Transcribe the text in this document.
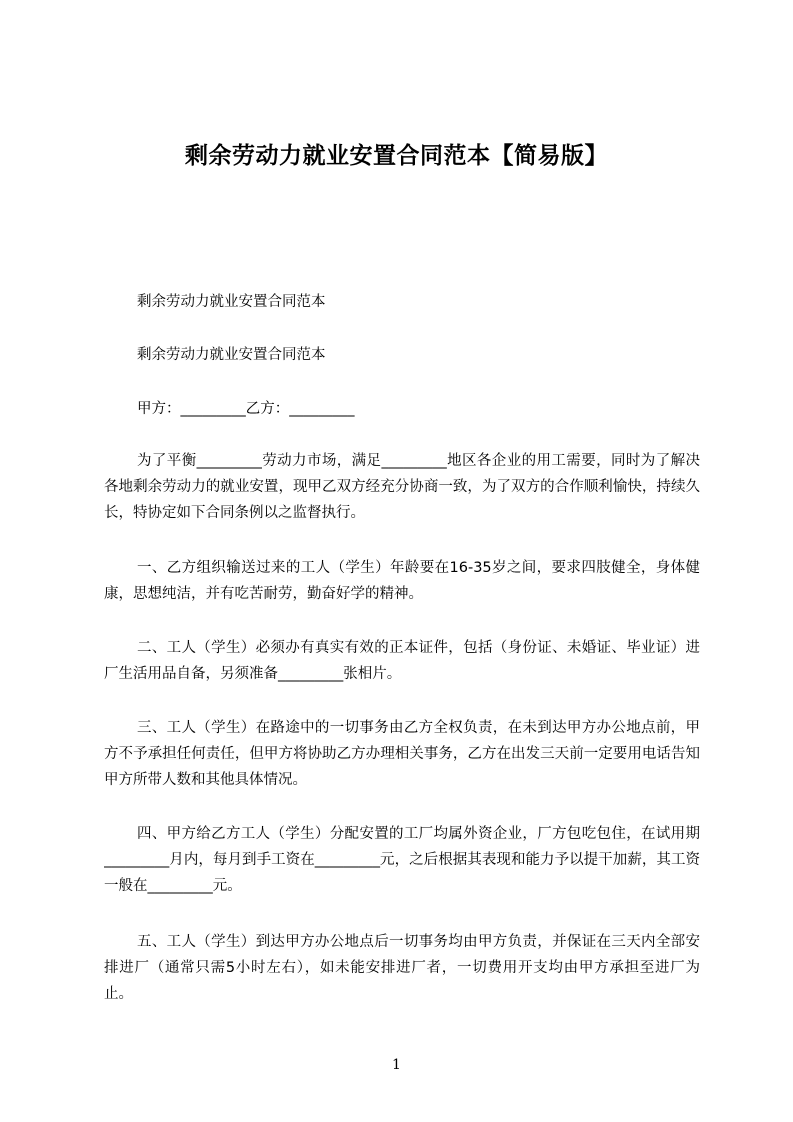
剩余劳动力就业安置合同范本【简易版】
剩余劳动力就业安置合同范本
剩余劳动力就业安置合同范本
甲方：_________乙方：_________
为了平衡_________劳动力市场，满足_________地区各企业的用工需要，同时为了解决各地剩余劳动力的就业安置，现甲乙双方经充分协商一致，为了双方的合作顺利愉快，持续久长，特协定如下合同条例以之监督执行。
一、乙方组织输送过来的工人（学生）年龄要在16-35岁之间，要求四肢健全，身体健康，思想纯洁，并有吃苦耐劳，勤奋好学的精神。
二、工人（学生）必须办有真实有效的正本证件，包括（身份证、未婚证、毕业证）进厂生活用品自备，另须准备_________张相片。
三、工人（学生）在路途中的一切事务由乙方全权负责，在未到达甲方办公地点前，甲方不予承担任何责任，但甲方将协助乙方办理相关事务，乙方在出发三天前一定要用电话告知甲方所带人数和其他具体情况。
四、甲方给乙方工人（学生）分配安置的工厂均属外资企业，厂方包吃包住，在试用期_________月内，每月到手工资在_________元，之后根据其表现和能力予以提干加薪，其工资一般在_________元。
五、工人（学生）到达甲方办公地点后一切事务均由甲方负责，并保证在三天内全部安排进厂（通常只需5小时左右），如未能安排进厂者，一切费用开支均由甲方承担至进厂为止。
1
